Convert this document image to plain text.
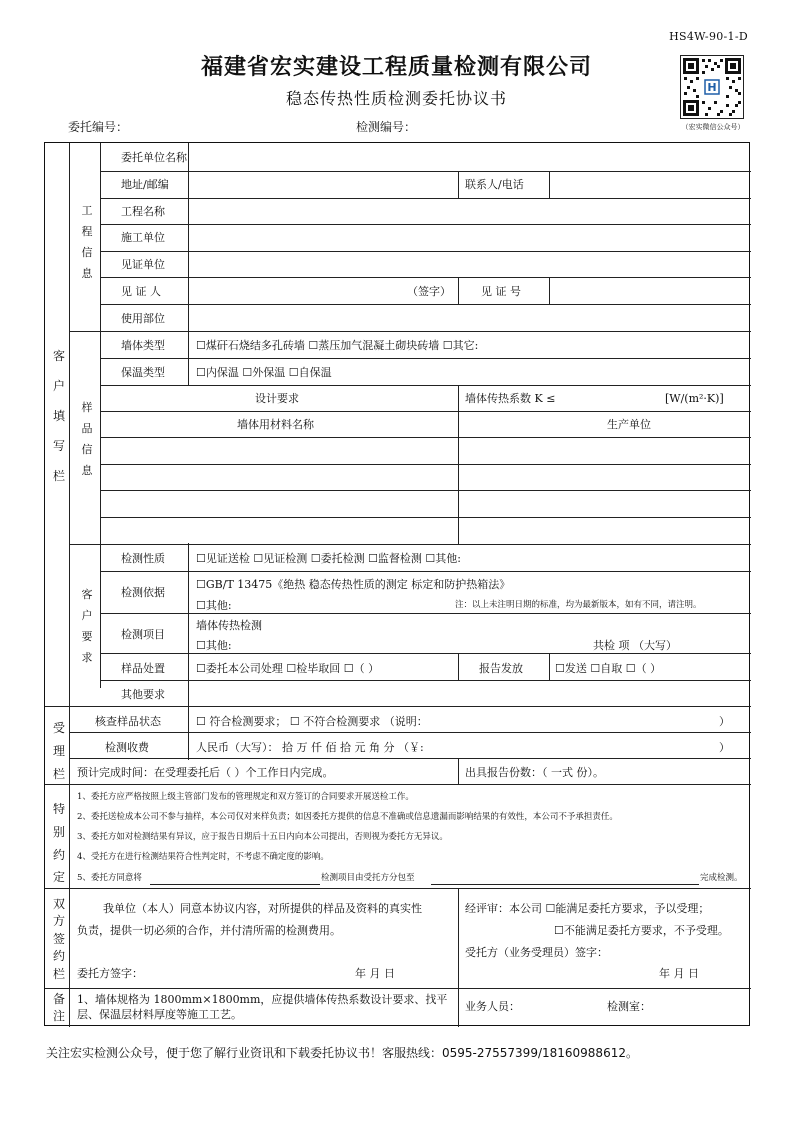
HS4W-90-1-D
福建省宏实建设工程质量检测有限公司
稳态传热性质检测委托协议书
H
（宏实微信公众号）
委托编号：	检测编号：
客户填写栏
工程信息
样品信息
客户要求
受理栏
特别约定
双方签约栏
备注
委托单位名称
地址/邮编	联系人/电话
工程名称
施工单位
见证单位
见 证 人	（签字）	见 证 号
使用部位
墙体类型	☐煤矸石烧结多孔砖墙 ☐蒸压加气混凝土砌块砖墙 ☐其它:
保温类型	☐内保温 ☐外保温 ☐自保温
设计要求	墙体传热系数 K ≤	[W/(m²·K)]
墙体用材料名称	生产单位
检测性质	☐见证送检 ☐见证检测 ☐委托检测 ☐监督检测 ☐其他:
检测依据
☐GB/T 13475《绝热 稳态传热性质的测定 标定和防护热箱法》
☐其他:	注：以上未注明日期的标准，均为最新版本，如有不同，请注明。
检测项目
墙体传热检测
☐其他:	共检 项 （大写）
样品处置	☐委托本公司处理 ☐检毕取回 ☐（ ）	报告发放	☐发送 ☐自取 ☐（ ）
其他要求
核查样品状态	☐ 符合检测要求； ☐ 不符合检测要求 （说明：	）
检测收费	人民币（大写）： 拾 万 仟 佰 拾 元 角 分 （￥:	）
预计完成时间：在受理委托后（ ）个工作日内完成。	出具报告份数：（ 一式 份）。
1、委托方应严格按照上级主管部门发布的管理规定和双方签订的合同要求开展送检工作。
2、委托送检成本公司不参与抽样，本公司仅对来样负责；如因委托方提供的信息不准确或信息遗漏而影响结果的有效性，本公司不予承担责任。
3、委托方如对检测结果有异议，应于报告日期后十五日内向本公司提出，否则视为委托方无异议。
4、受托方在进行检测结果符合性判定时，不考虑不确定度的影响。
5、委托方同意将	检测项目由受托方分包至	完成检测。
我单位（本人）同意本协议内容，对所提供的样品及资料的真实性
负责，提供一切必须的合作，并付清所需的检测费用。
委托方签字：	年 月 日
经评审：本公司 ☐能满足委托方要求，予以受理；
☐不能满足委托方要求，不予受理。
受托方（业务受理员）签字：
年 月 日
1、墙体规格为 1800mm×1800mm，应提供墙体传热系数设计要求、找平
层、保温层材料厚度等施工工艺。
业务人员：	检测室：
关注宏实检测公众号，便于您了解行业资讯和下载委托协议书！客服热线：0595-27557399/18160988612。
